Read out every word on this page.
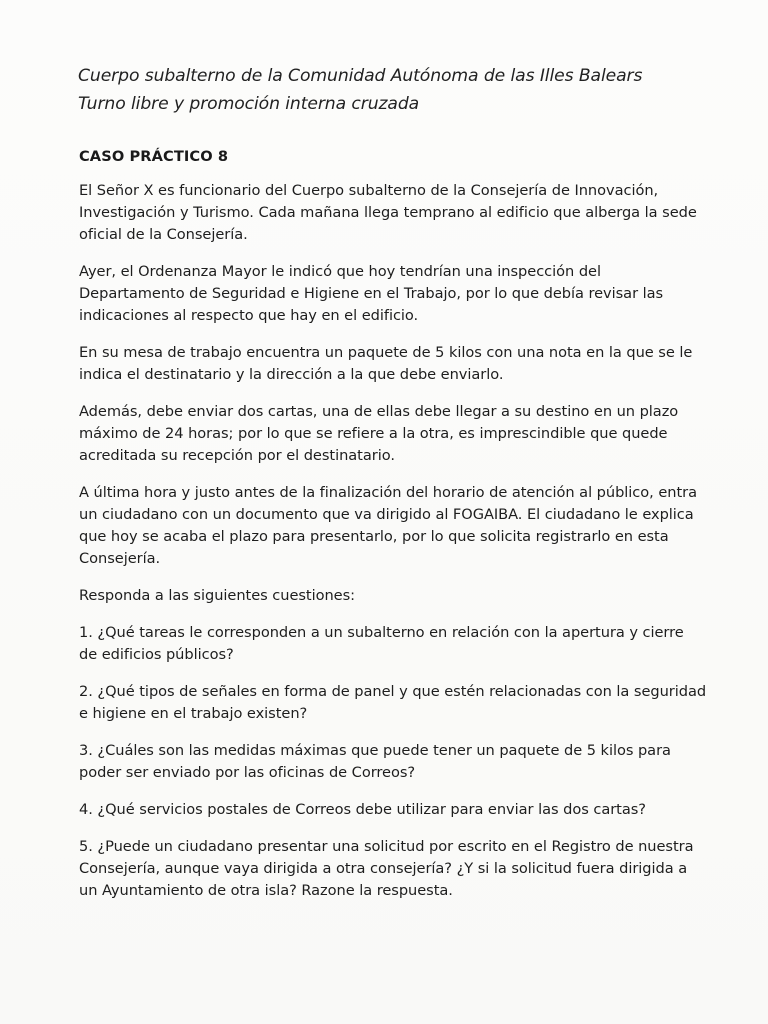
Cuerpo subalterno de la Comunidad Autónoma de las Illes Balears
Turno libre y promoción interna cruzada
CASO PRÁCTICO 8
El Señor X es funcionario del Cuerpo subalterno de la Consejería de Innovación,
Investigación y Turismo. Cada mañana llega temprano al edificio que alberga la sede
oficial de la Consejería.
Ayer, el Ordenanza Mayor le indicó que hoy tendrían una inspección del
Departamento de Seguridad e Higiene en el Trabajo, por lo que debía revisar las
indicaciones al respecto que hay en el edificio.
En su mesa de trabajo encuentra un paquete de 5 kilos con una nota en la que se le
indica el destinatario y la dirección a la que debe enviarlo.
Además, debe enviar dos cartas, una de ellas debe llegar a su destino en un plazo
máximo de 24 horas; por lo que se refiere a la otra, es imprescindible que quede
acreditada su recepción por el destinatario.
A última hora y justo antes de la finalización del horario de atención al público, entra
un ciudadano con un documento que va dirigido al FOGAIBA. El ciudadano le explica
que hoy se acaba el plazo para presentarlo, por lo que solicita registrarlo en esta
Consejería.
Responda a las siguientes cuestiones:
1. ¿Qué tareas le corresponden a un subalterno en relación con la apertura y cierre
de edificios públicos?
2. ¿Qué tipos de señales en forma de panel y que estén relacionadas con la seguridad
e higiene en el trabajo existen?
3. ¿Cuáles son las medidas máximas que puede tener un paquete de 5 kilos para
poder ser enviado por las oficinas de Correos?
4. ¿Qué servicios postales de Correos debe utilizar para enviar las dos cartas?
5. ¿Puede un ciudadano presentar una solicitud por escrito en el Registro de nuestra
Consejería, aunque vaya dirigida a otra consejería? ¿Y si la solicitud fuera dirigida a
un Ayuntamiento de otra isla? Razone la respuesta.
